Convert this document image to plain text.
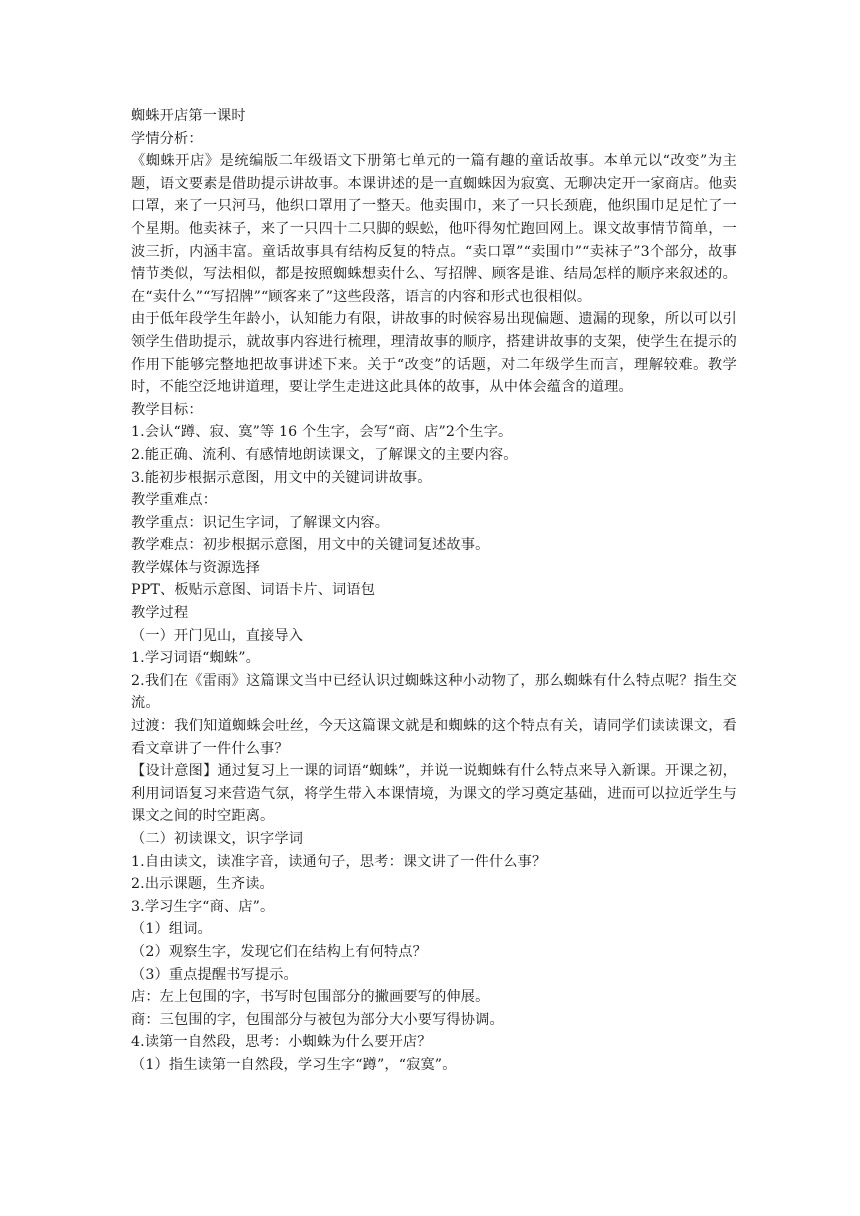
蜘蛛开店第一课时

学情分析：

《蜘蛛开店》是统编版二年级语文下册第七单元的一篇有趣的童话故事。本单元以“改变”为主题，语文要素是借助提示讲故事。本课讲述的是一直蜘蛛因为寂寞、无聊决定开一家商店。他卖口罩，来了一只河马，他织口罩用了一整天。他卖围巾，来了一只长颈鹿，他织围巾足足忙了一个星期。他卖袜子，来了一只四十二只脚的蜈蚣，他吓得匆忙跑回网上。课文故事情节简单，一波三折，内涵丰富。童话故事具有结构反复的特点。“卖口罩”“卖围巾”“卖袜子”3个部分，故事情节类似，写法相似，都是按照蜘蛛想卖什么、写招牌、顾客是谁、结局怎样的顺序来叙述的。在“卖什么”“写招牌”“顾客来了”这些段落，语言的内容和形式也很相似。

由于低年段学生年龄小，认知能力有限，讲故事的时候容易出现偏题、遗漏的现象，所以可以引领学生借助提示，就故事内容进行梳理，理清故事的顺序，搭建讲故事的支架，使学生在提示的作用下能够完整地把故事讲述下来。关于“改变”的话题，对二年级学生而言，理解较难。教学时，不能空泛地讲道理，要让学生走进这此具体的故事，从中体会蕴含的道理。

教学目标：

1.会认“蹲、寂、寞”等 16 个生字，会写“商、店”2个生字。

2.能正确、流利、有感情地朗读课文，了解课文的主要内容。

3.能初步根据示意图，用文中的关键词讲故事。

教学重难点：

教学重点：识记生字词，了解课文内容。

教学难点：初步根据示意图，用文中的关键词复述故事。

教学媒体与资源选择

PPT、板贴示意图、词语卡片、词语包

教学过程

（一）开门见山，直接导入

1.学习词语“蜘蛛”。

2.我们在《雷雨》这篇课文当中已经认识过蜘蛛这种小动物了，那么蜘蛛有什么特点呢？指生交流。

过渡：我们知道蜘蛛会吐丝，今天这篇课文就是和蜘蛛的这个特点有关，请同学们读读课文，看看文章讲了一件什么事？

【设计意图】通过复习上一课的词语“蜘蛛”，并说一说蜘蛛有什么特点来导入新课。开课之初，利用词语复习来营造气氛，将学生带入本课情境，为课文的学习奠定基础，进而可以拉近学生与课文之间的时空距离。

（二）初读课文，识字学词

1.自由读文，读准字音，读通句子，思考：课文讲了一件什么事？

2.出示课题，生齐读。

3.学习生字“商、店”。

（1）组词。

（2）观察生字，发现它们在结构上有何特点？

（3）重点提醒书写提示。

店：左上包围的字，书写时包围部分的撇画要写的伸展。

商：三包围的字，包围部分与被包为部分大小要写得协调。

4.读第一自然段，思考：小蜘蛛为什么要开店？

（1）指生读第一自然段，学习生字“蹲”，“寂寞”。
